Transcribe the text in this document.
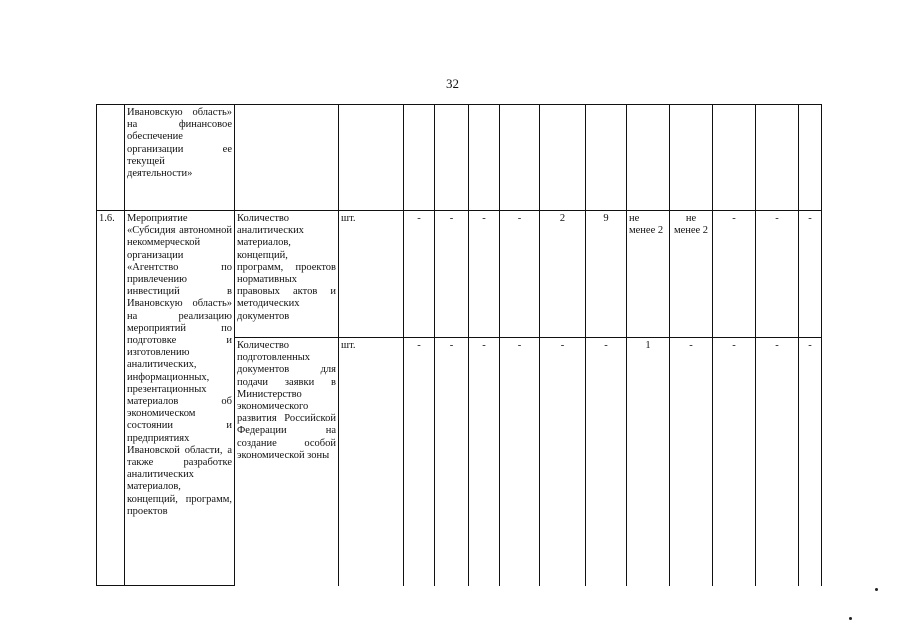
32
	Ивановскую область» на финансовое обеспечение организации ее текущей деятельности»													
1.6.	Мероприятие «Субсидия автономной некоммерческой организации «Агентство по привлечению инвестиций в Ивановскую область» на реализацию мероприятий по подготовке и изготовлению аналитических, информационных, презентационных материалов об экономическом состоянии и предприятиях Ивановской области, а также разработке аналитических материалов, концепций, программ, проектов	Количество аналитических материалов, концепций, программ, проектов нормативных правовых актов и методических документов	шт.	-	-	-	-	2	9	не менее 2	не менее 2	-	-	-
		Количество подготовленных документов для подачи заявки в Министерство экономического развития Российской Федерации на создание особой экономической зоны	шт.	-	-	-	-	-	-	1	-	-	-	-
